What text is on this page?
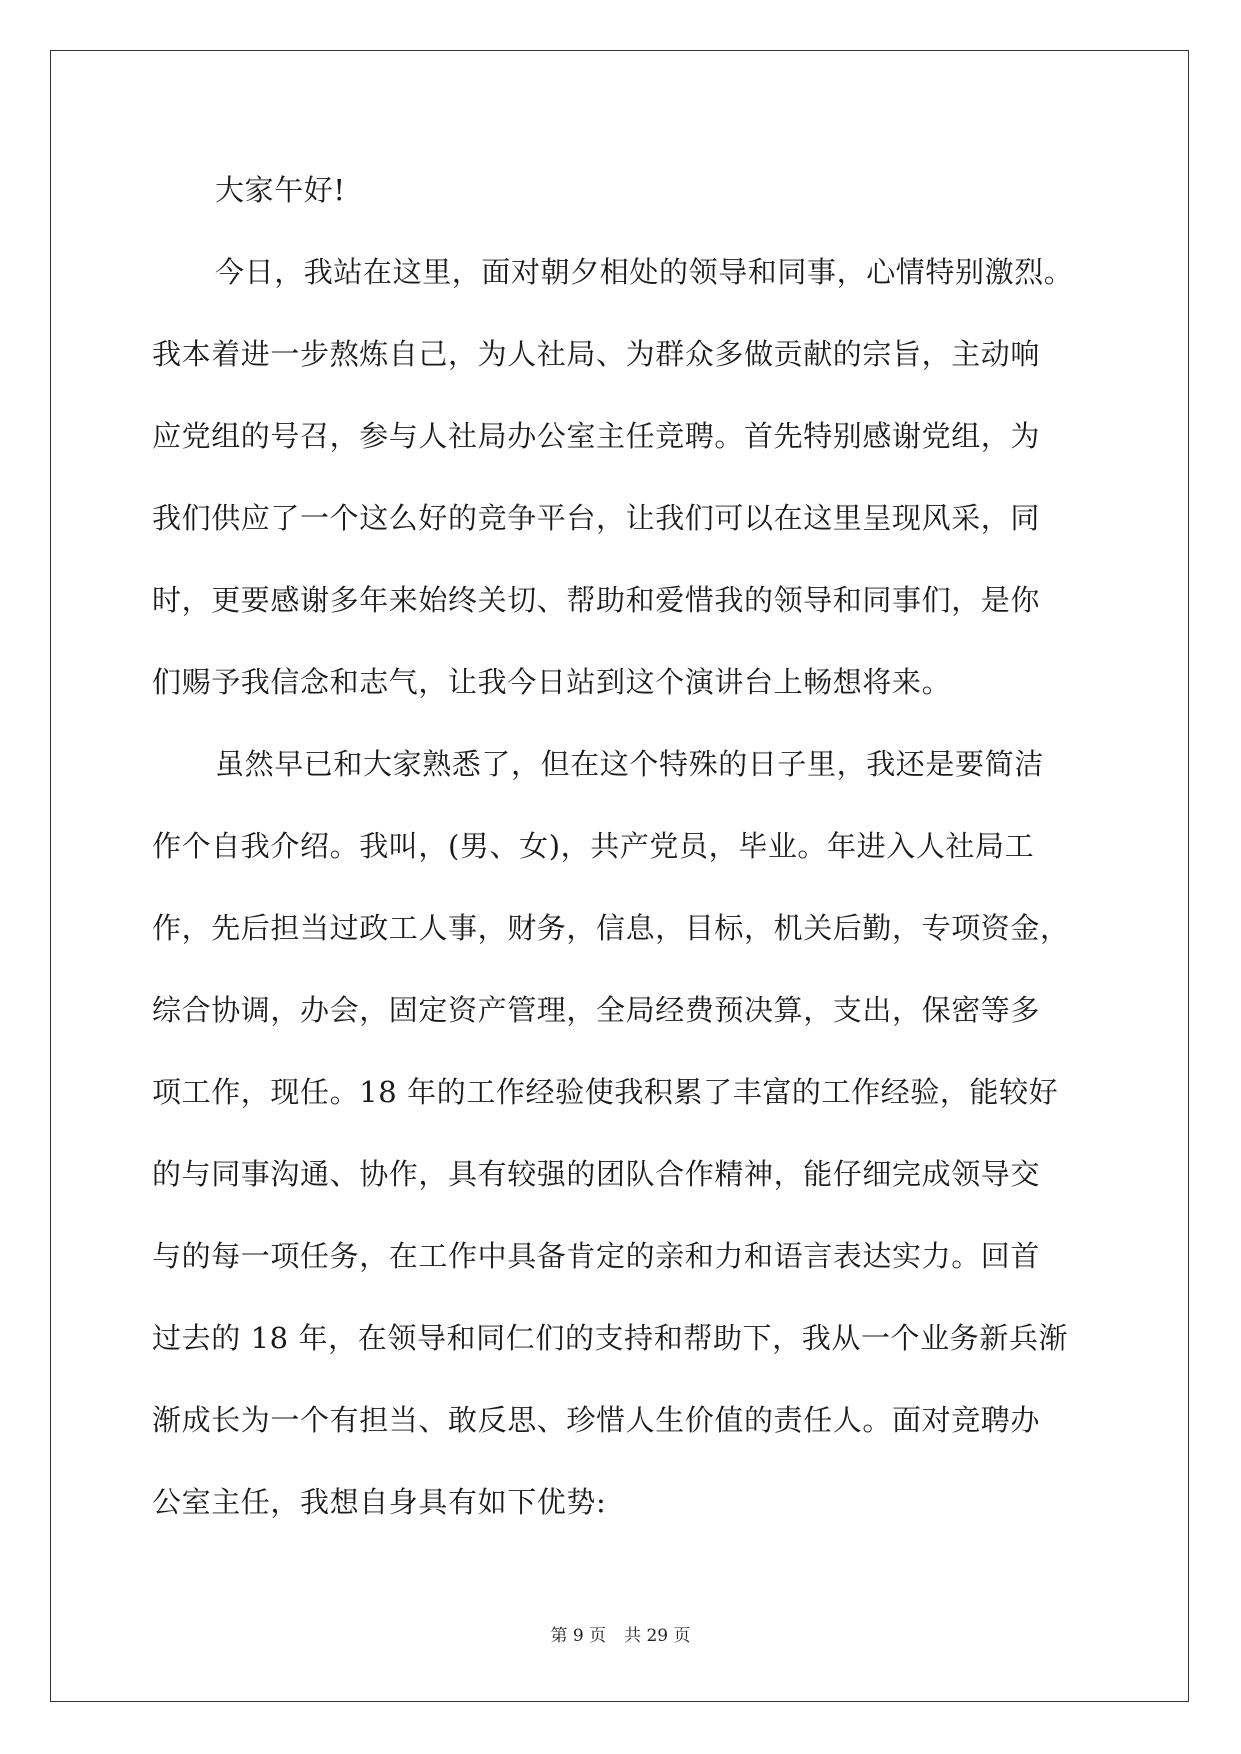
大家午好!
今日，我站在这里，面对朝夕相处的领导和同事，心情特别激烈。
我本着进一步熬炼自己，为人社局、为群众多做贡献的宗旨，主动响
应党组的号召，参与人社局办公室主任竞聘。首先特别感谢党组，为
我们供应了一个这么好的竞争平台，让我们可以在这里呈现风采，同
时，更要感谢多年来始终关切、帮助和爱惜我的领导和同事们，是你
们赐予我信念和志气，让我今日站到这个演讲台上畅想将来。
虽然早已和大家熟悉了，但在这个特殊的日子里，我还是要简洁
作个自我介绍。我叫，(男、女)，共产党员，毕业。年进入人社局工
作，先后担当过政工人事，财务，信息，目标，机关后勤，专项资金，
综合协调，办会，固定资产管理，全局经费预决算，支出，保密等多
项工作，现任。18 年的工作经验使我积累了丰富的工作经验，能较好
的与同事沟通、协作，具有较强的团队合作精神，能仔细完成领导交
与的每一项任务，在工作中具备肯定的亲和力和语言表达实力。回首
过去的 18 年，在领导和同仁们的支持和帮助下，我从一个业务新兵渐
渐成长为一个有担当、敢反思、珍惜人生价值的责任人。面对竞聘办
公室主任，我想自身具有如下优势:
第 9 页 共 29 页
